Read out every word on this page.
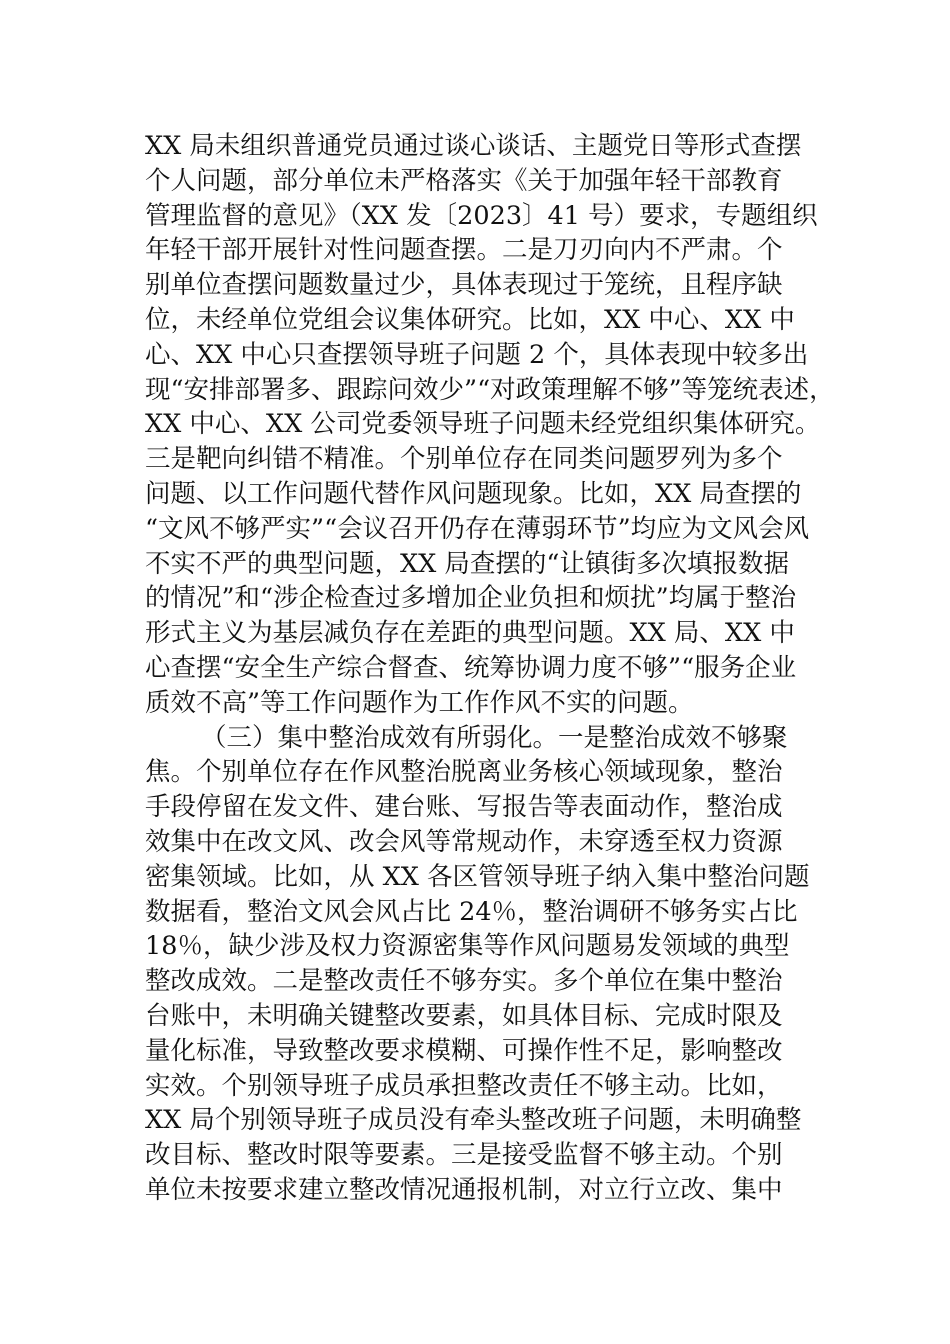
XX 局未组织普通党员通过谈心谈话、主题党日等形式查摆
个人问题，部分单位未严格落实《关于加强年轻干部教育
管理监督的意见》（XX 发〔2023〕41 号）要求，专题组织
年轻干部开展针对性问题查摆。二是刀刃向内不严肃。个
别单位查摆问题数量过少，具体表现过于笼统，且程序缺
位，未经单位党组会议集体研究。比如，XX 中心、XX 中
心、XX 中心只查摆领导班子问题 2 个，具体表现中较多出
现“安排部署多、跟踪问效少”“对政策理解不够”等笼统表述，
XX 中心、XX 公司党委领导班子问题未经党组织集体研究。
三是靶向纠错不精准。个别单位存在同类问题罗列为多个
问题、以工作问题代替作风问题现象。比如，XX 局查摆的
“文风不够严实”“会议召开仍存在薄弱环节”均应为文风会风
不实不严的典型问题，XX 局查摆的“让镇街多次填报数据
的情况”和“涉企检查过多增加企业负担和烦扰”均属于整治
形式主义为基层减负存在差距的典型问题。XX 局、XX 中
心查摆“安全生产综合督查、统筹协调力度不够”“服务企业
质效不高”等工作问题作为工作作风不实的问题。
（三）集中整治成效有所弱化。一是整治成效不够聚
焦。个别单位存在作风整治脱离业务核心领域现象，整治
手段停留在发文件、建台账、写报告等表面动作，整治成
效集中在改文风、改会风等常规动作，未穿透至权力资源
密集领域。比如，从 XX 各区管领导班子纳入集中整治问题
数据看，整治文风会风占比 24％，整治调研不够务实占比
18％，缺少涉及权力资源密集等作风问题易发领域的典型
整改成效。二是整改责任不够夯实。多个单位在集中整治
台账中，未明确关键整改要素，如具体目标、完成时限及
量化标准，导致整改要求模糊、可操作性不足，影响整改
实效。个别领导班子成员承担整改责任不够主动。比如，
XX 局个别领导班子成员没有牵头整改班子问题，未明确整
改目标、整改时限等要素。三是接受监督不够主动。个别
单位未按要求建立整改情况通报机制，对立行立改、集中
